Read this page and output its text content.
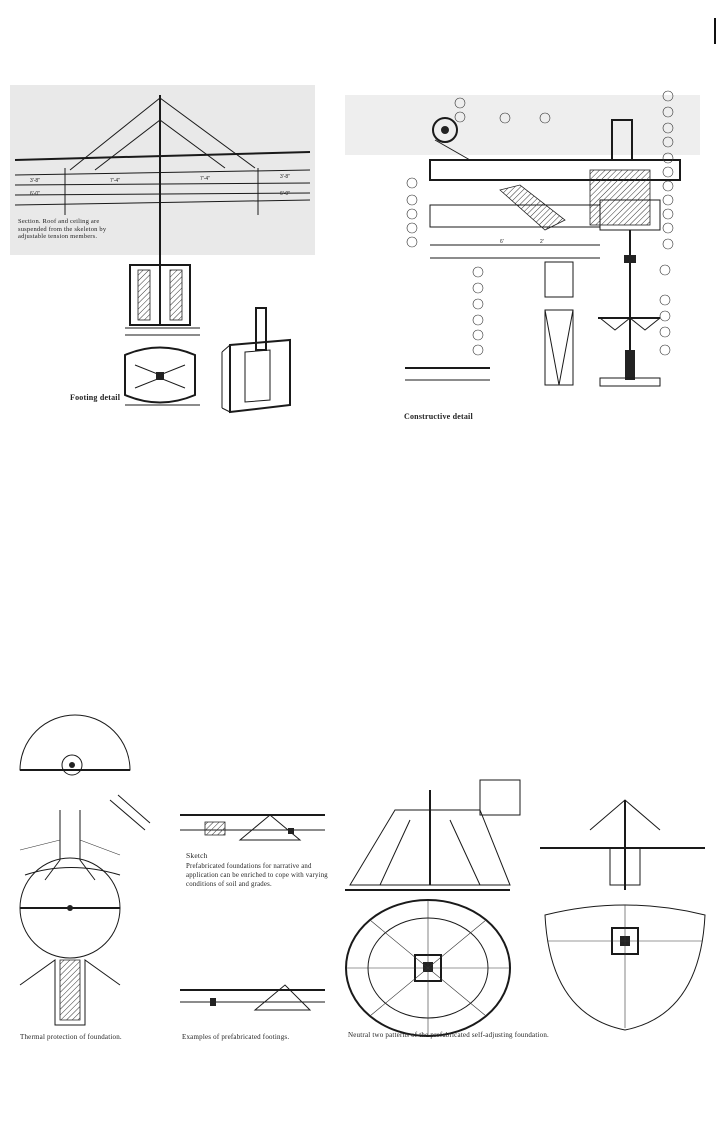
3'-8"	7'-4"	7'-4"	3'-8"
6'-0"	6'-0"
Section. Roof and ceiling are suspended from the skeleton by adjustable tension members.
Footing detail
6'	2'
Constructive detail
Sketch
Prefabricated foundations for narrative and application can be enriched to cope with varying conditions of soil and grades.
Thermal protection of foundation.	Examples of prefabricated footings.	Neutral two patterns of the prefabricated self-adjusting foundation.
